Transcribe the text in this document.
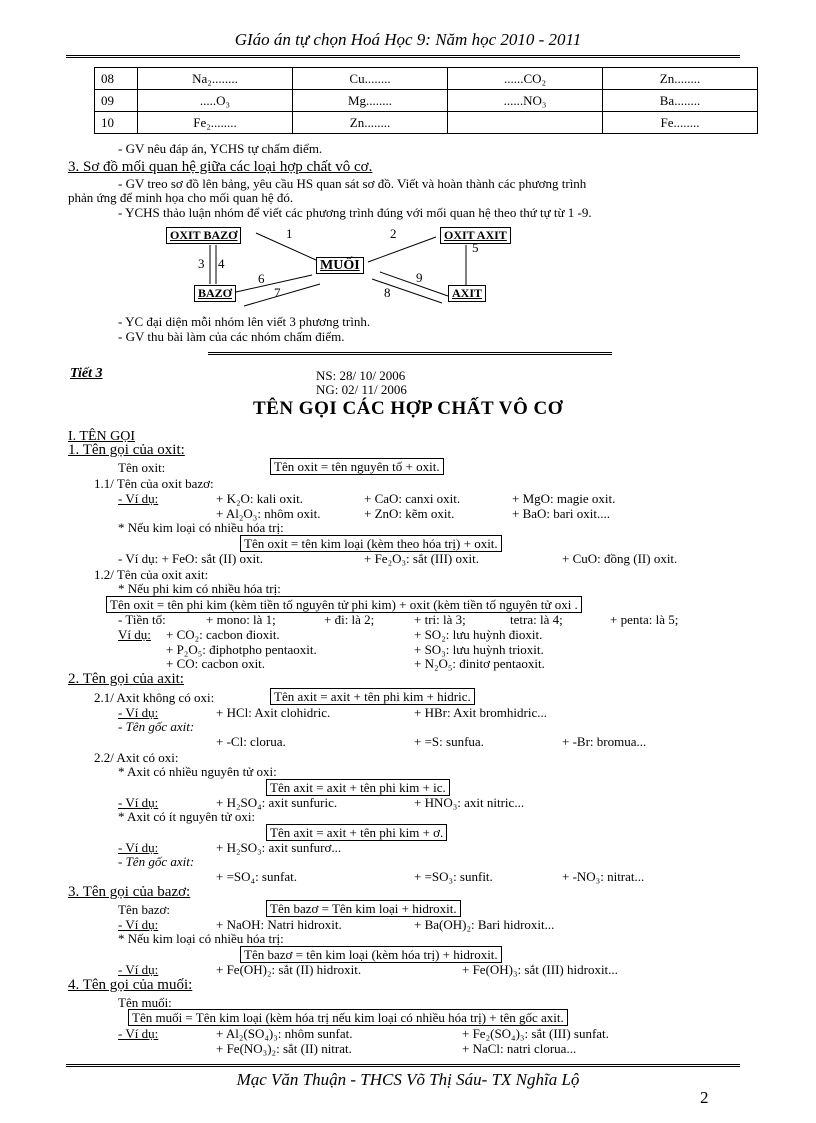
GIáo án tự chọn Hoá Học 9: Năm học 2010 - 2011
08	Na₂........	Cu........	......CO₂	Zn........
09	.....O₃	Mg........	......NO₃	Ba........
10	Fe₂........	Zn........		Fe........
- GV nêu đáp án, YCHS tự chấm điểm.
3. Sơ đồ mối quan hệ giữa các loại hợp chất vô cơ.
- GV treo sơ đồ lên bảng, yêu cầu HS quan sát sơ đồ. Viết và hoàn thành các phương trình
phản ứng để minh họa cho mối quan hệ đó.
- YCHS thảo luận nhóm để viết các phương trình đúng với mối quan hệ theo thứ tự từ 1 -9.
OXIT BAZƠ	OXIT AXIT
MUỐI
BAZƠ	AXIT
1	2
3 4
5
6
7	8
9
- YC đại diện mỗi nhóm lên viết 3 phương trình.
- GV thu bài làm của các nhóm chấm điểm.
Tiết 3	NS: 28/ 10/ 2006
NG: 02/ 11/ 2006
TÊN GỌI CÁC HỢP CHẤT VÔ CƠ
I. TÊN GỌI
1. Tên gọi của oxit:
Tên oxit:	Tên oxit = tên nguyên tố + oxit.
1.1/ Tên của oxit bazơ:
- Ví dụ:	+ K₂O: kali oxit.	+ CaO: canxi oxit.	+ MgO: magie oxit.
+ Al₂O₃: nhôm oxit.	+ ZnO: kẽm oxit.	+ BaO: bari oxit....
* Nếu kim loại có nhiều hóa trị:
Tên oxit = tên kim loại (kèm theo hóa trị) + oxit.
- Ví dụ: + FeO: sắt (II) oxit.	+ Fe₂O₃: sắt (III) oxit.	+ CuO: đồng (II) oxit.
1.2/ Tên của oxit axit:
* Nếu phi kim có nhiều hóa trị:
Tên oxit = tên phi kim (kèm tiền tố nguyên tử phi kim) + oxit (kèm tiền tố nguyên tử oxi .
- Tiền tố:	+ mono: là 1;	+ đi: là 2;	+ tri: là 3;	tetra: là 4;	+ penta: là 5;
Ví dụ: + CO₂: cacbon đioxit.	+ SO₂: lưu huỳnh đioxit.
+ P₂O₅: điphotpho pentaoxit.	+ SO₃: lưu huỳnh trioxit.
+ CO: cacbon oxit.	+ N₂O₅: đinitơ pentaoxit.
2. Tên gọi của axit:
2.1/ Axit không có oxi:	Tên axit = axit + tên phi kim + hidric.
- Ví dụ:	+ HCl: Axit clohidric.	+ HBr: Axit bromhidric...
- Tên gốc axit:
+ -Cl: clorua.	+ =S: sunfua.	+ -Br: bromua...
2.2/ Axit có oxi:
* Axit có nhiều nguyên tử oxi:
Tên axit = axit + tên phi kim + ic.
- Ví dụ:	+ H₂SO₄: axit sunfuric.	+ HNO₃: axit nitric...
* Axit có ít nguyên tử oxi:
Tên axit = axit + tên phi kim + ơ.
- Ví dụ:	+ H₂SO₃: axit sunfurơ...
- Tên gốc axit:
+ =SO₄: sunfat.	+ =SO₃: sunfit.	+ -NO₃: nitrat...
3. Tên gọi của bazơ:
Tên bazơ:	Tên bazơ = Tên kim loại + hidroxit.
- Ví dụ:	+ NaOH: Natri hidroxit.	+ Ba(OH)₂: Bari hidroxit...
* Nếu kim loại có nhiều hóa trị:
Tên bazơ = tên kim loại (kèm hóa trị) + hidroxit.
- Ví dụ:	+ Fe(OH)₂: sắt (II) hidroxit.	+ Fe(OH)₃: sắt (III) hidroxit...
4. Tên gọi của muối:
Tên muối:
Tên muối = Tên kim loại (kèm hóa trị nếu kim loại có nhiều hóa trị) + tên gốc axit.
- Ví dụ:	+ Al₂(SO₄)₃: nhôm sunfat.	+ Fe₂(SO₄)₃: sắt (III) sunfat.
+ Fe(NO₃)₂: sắt (II) nitrat.	+ NaCl: natri clorua...
Mạc Văn Thuận - THCS Võ Thị Sáu- TX Nghĩa Lộ
2
